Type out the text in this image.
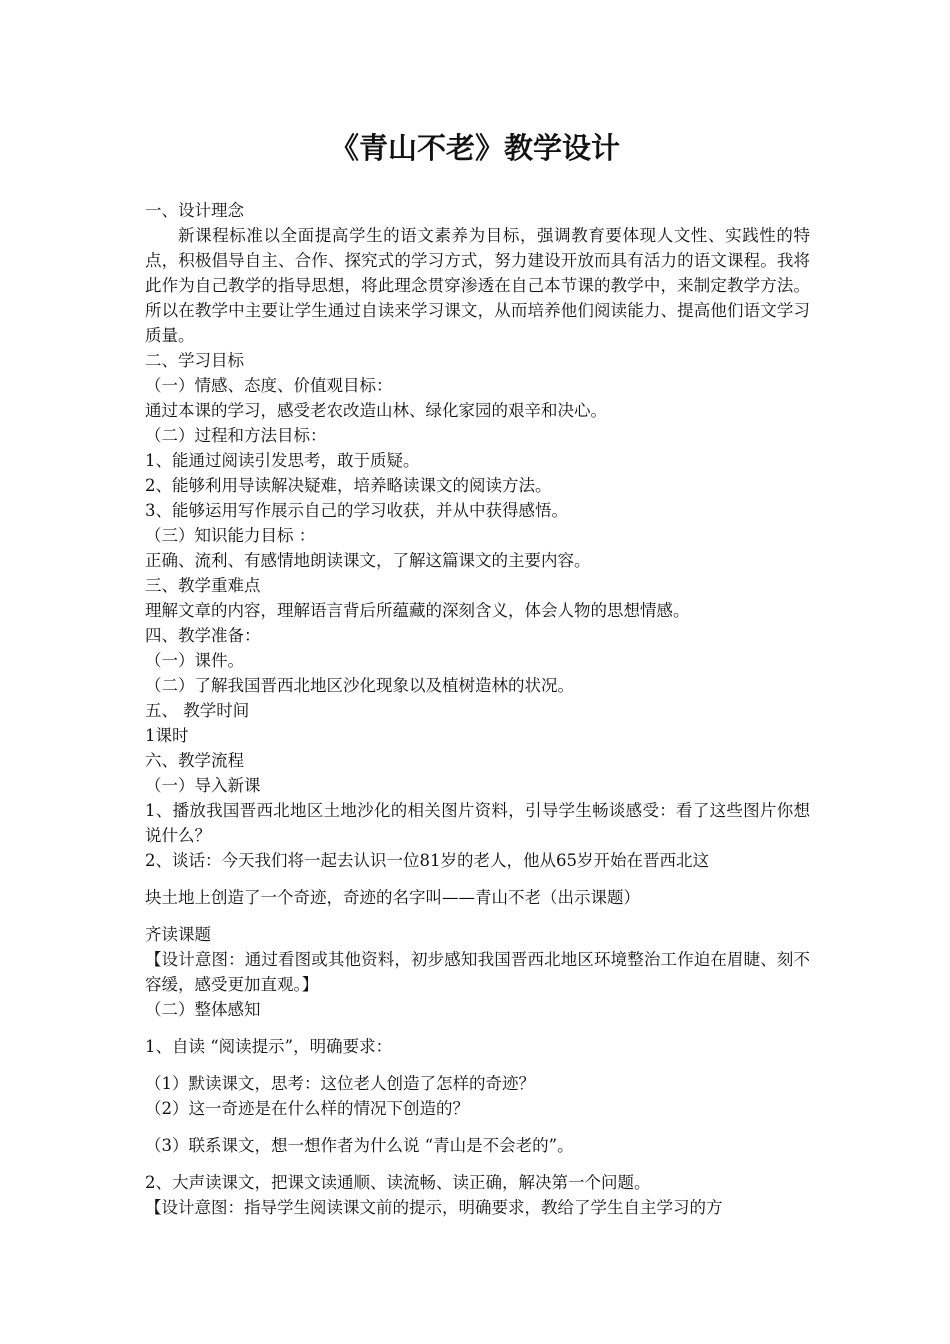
《青山不老》教学设计
一、设计理念
新课程标准以全面提高学生的语文素养为目标，强调教育要体现人文性、实践性的特点，积极倡导自主、合作、探究式的学习方式，努力建设开放而具有活力的语文课程。我将此作为自己教学的指导思想，将此理念贯穿渗透在自己本节课的教学中，来制定教学方法。所以在教学中主要让学生通过自读来学习课文，从而培养他们阅读能力、提高他们语文学习质量。
二、学习目标
（一）情感、态度、价值观目标：
通过本课的学习，感受老农改造山林、绿化家园的艰辛和决心。
（二）过程和方法目标：
1、能通过阅读引发思考，敢于质疑。
2、能够利用导读解决疑难，培养略读课文的阅读方法。
3、能够运用写作展示自己的学习收获，并从中获得感悟。
（三）知识能力目标 ：
正确、流利、有感情地朗读课文，了解这篇课文的主要内容。
三、教学重难点
理解文章的内容，理解语言背后所蕴藏的深刻含义，体会人物的思想情感。
四、教学准备：
（一）课件。
（二）了解我国晋西北地区沙化现象以及植树造林的状况。
五、 教学时间
1课时
六、教学流程
（一）导入新课
1、播放我国晋西北地区土地沙化的相关图片资料，引导学生畅谈感受：看了这些图片你想说什么？
2、谈话：今天我们将一起去认识一位81岁的老人，他从65岁开始在晋西北这
块土地上创造了一个奇迹，奇迹的名字叫——青山不老（出示课题）
齐读课题
【设计意图：通过看图或其他资料，初步感知我国晋西北地区环境整治工作迫在眉睫、刻不容缓，感受更加直观。】
（二）整体感知
1、自读 “阅读提示”，明确要求：
（1）默读课文，思考：这位老人创造了怎样的奇迹？
（2）这一奇迹是在什么样的情况下创造的？
（3）联系课文，想一想作者为什么说 “青山是不会老的”。
2、大声读课文，把课文读通顺、读流畅、读正确，解决第一个问题。
【设计意图：指导学生阅读课文前的提示，明确要求，教给了学生自主学习的方
